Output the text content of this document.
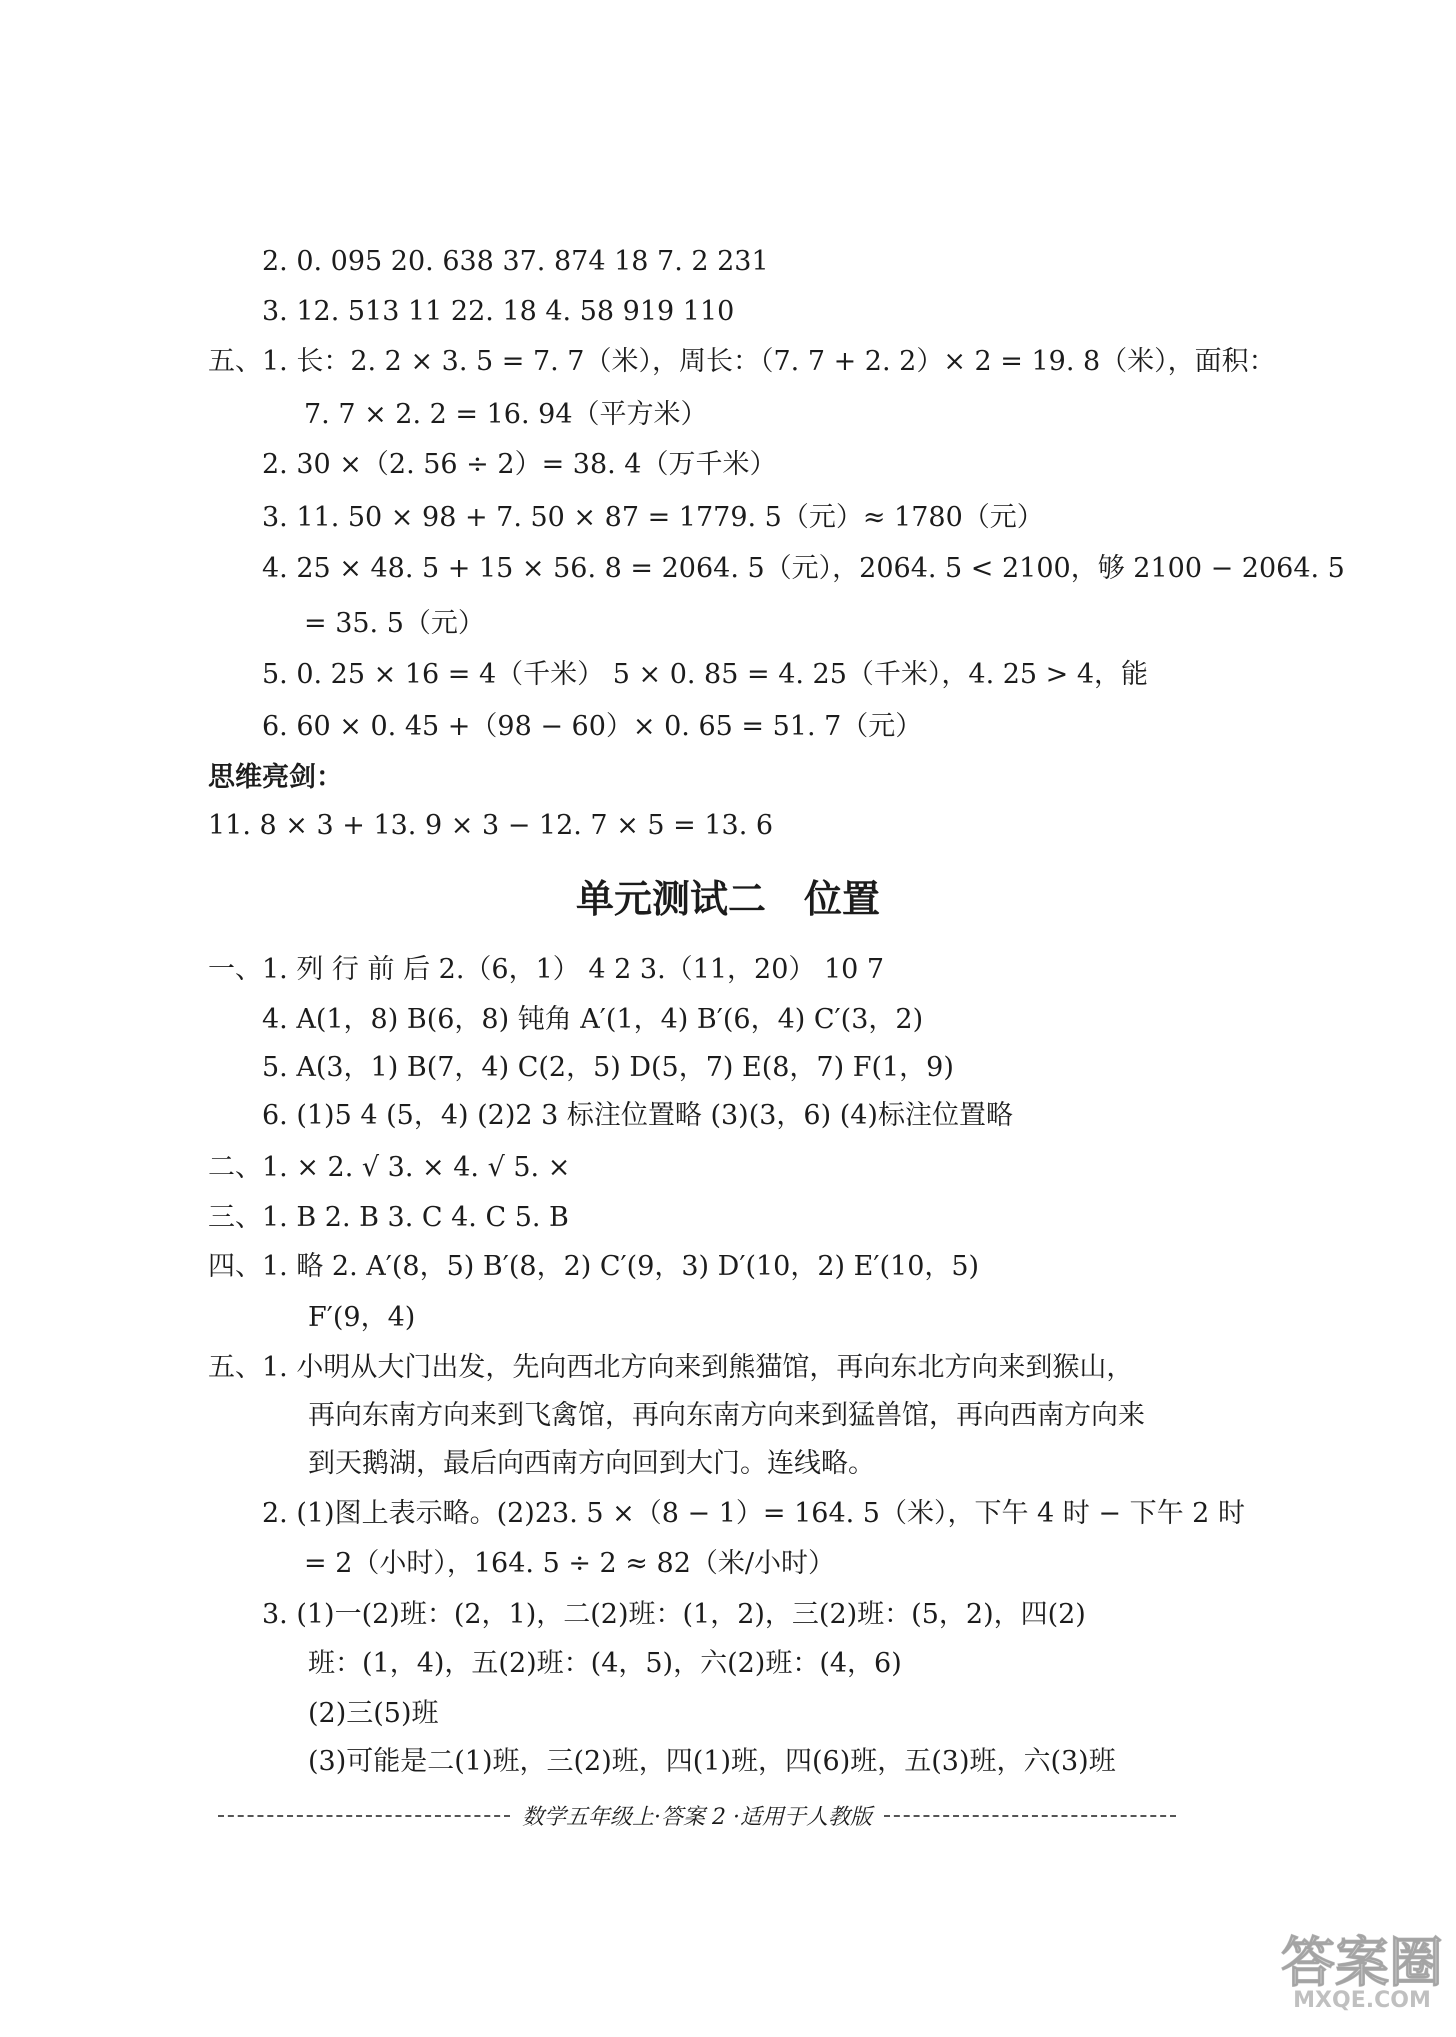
2. 0. 095 20. 638 37. 874 18 7. 2 231
3. 12. 513 11 22. 18 4. 58 919 110
五、1. 长：2. 2 × 3. 5 = 7. 7（米），周长：（7. 7 + 2. 2）× 2 = 19. 8（米），面积：
7. 7 × 2. 2 = 16. 94（平方米）
2. 30 ×（2. 56 ÷ 2）= 38. 4（万千米）
3. 11. 50 × 98 + 7. 50 × 87 = 1779. 5（元）≈ 1780（元）
4. 25 × 48. 5 + 15 × 56. 8 = 2064. 5（元），2064. 5 < 2100，够 2100 − 2064. 5
= 35. 5（元）
5. 0. 25 × 16 = 4（千米） 5 × 0. 85 = 4. 25（千米），4. 25 > 4，能
6. 60 × 0. 45 +（98 − 60）× 0. 65 = 51. 7（元）
思维亮剑：
11. 8 × 3 + 13. 9 × 3 − 12. 7 × 5 = 13. 6
单元测试二　位置
一、1. 列 行 前 后 2.（6，1） 4 2 3.（11，20） 10 7
4. A(1，8) B(6，8) 钝角 A′(1，4) B′(6，4) C′(3，2)
5. A(3，1) B(7，4) C(2，5) D(5，7) E(8，7) F(1，9)
6. (1)5 4 (5，4) (2)2 3 标注位置略 (3)(3，6) (4)标注位置略
二、1. × 2. √ 3. × 4. √ 5. ×
三、1. B 2. B 3. C 4. C 5. B
四、1. 略 2. A′(8，5) B′(8，2) C′(9，3) D′(10，2) E′(10，5)
F′(9，4)
五、1. 小明从大门出发，先向西北方向来到熊猫馆，再向东北方向来到猴山，
再向东南方向来到飞禽馆，再向东南方向来到猛兽馆，再向西南方向来
到天鹅湖，最后向西南方向回到大门。连线略。
2. (1)图上表示略。(2)23. 5 ×（8 − 1）= 164. 5（米），下午 4 时 − 下午 2 时
= 2（小时），164. 5 ÷ 2 ≈ 82（米/小时）
3. (1)一(2)班：(2，1)，二(2)班：(1，2)，三(2)班：(5，2)，四(2)
班：(1，4)，五(2)班：(4，5)，六(2)班：(4，6)
(2)三(5)班
(3)可能是二(1)班，三(2)班，四(1)班，四(6)班，五(3)班，六(3)班
数学五年级上·答案 2 ·适用于人教版
答案圈
MXQE.COM
